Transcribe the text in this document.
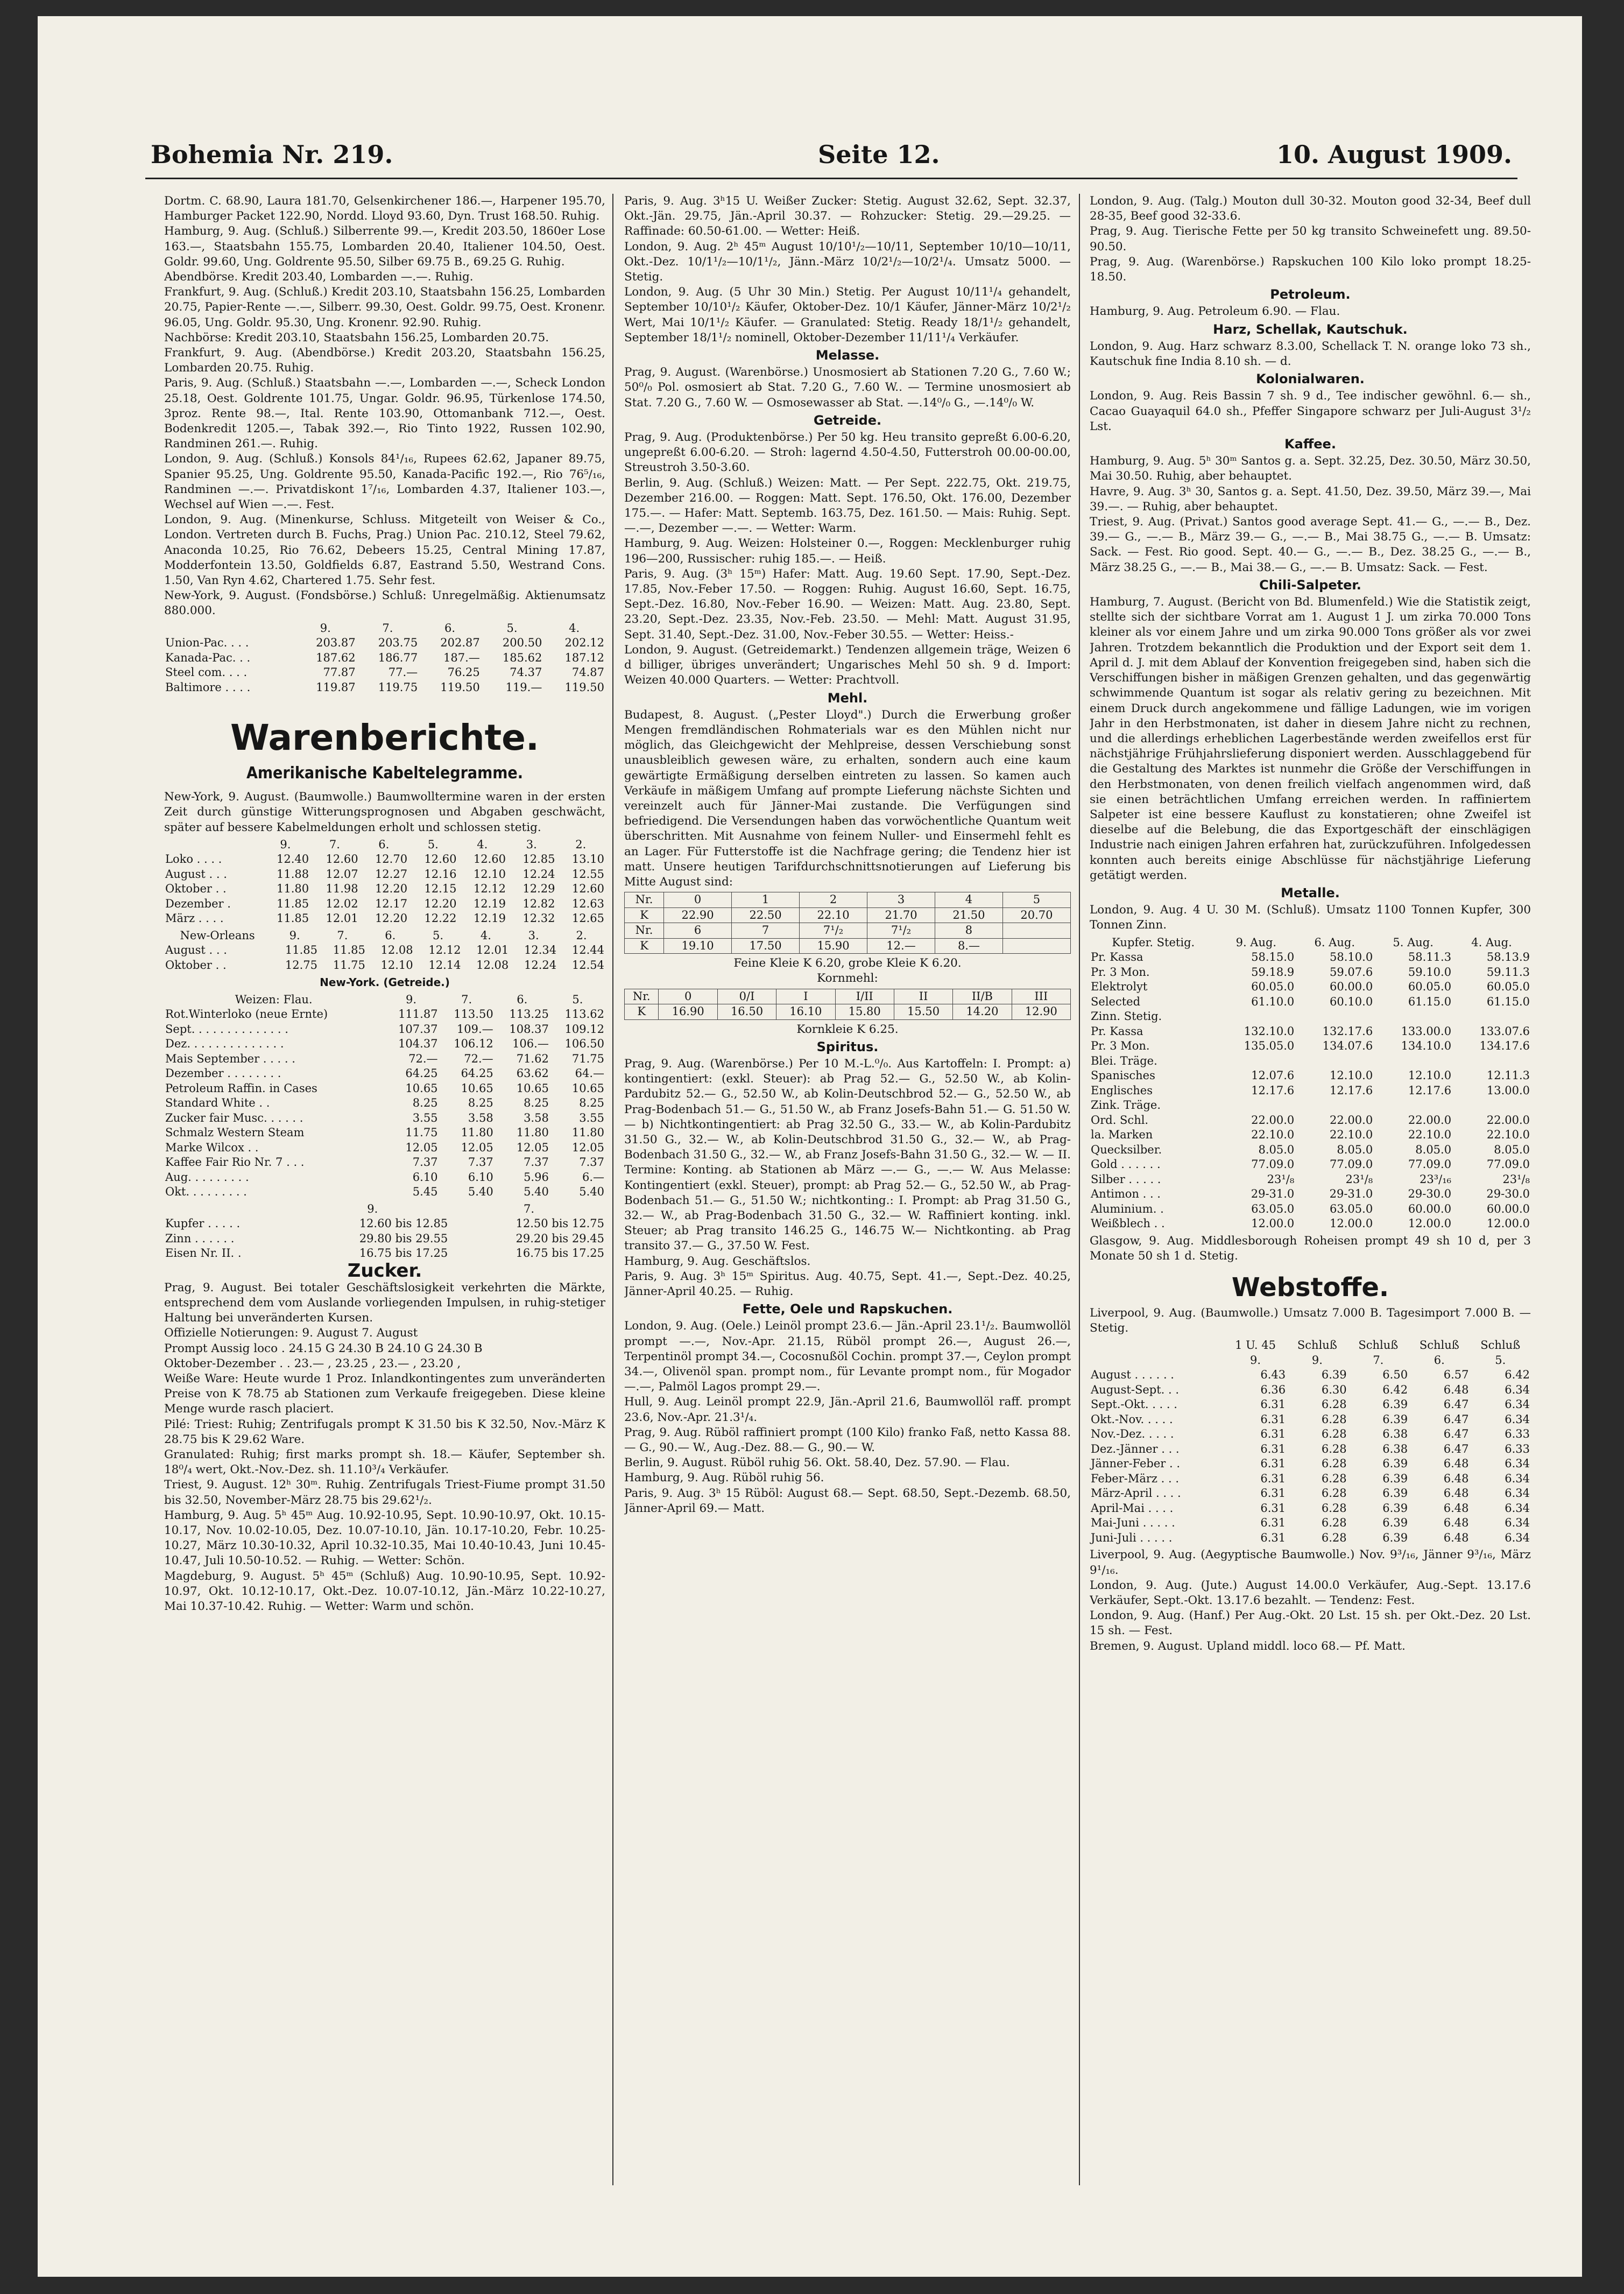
Bohemia Nr. 219.	Seite 12.	10. August 1909.

Dortm. C. 68.90, Laura 181.70, Gelsenkirchener 186.—, Harpener 195.70, Hamburger Packet 122.90, Nordd. Lloyd 93.60, Dyn. Trust 168.50. Ruhig.

Hamburg, 9. Aug. (Schluß.) Silberrente 99.—, Kredit 203.50, 1860er Lose 163.—, Staatsbahn 155.75, Lombarden 20.40, Italiener 104.50, Oest. Goldr. 99.60, Ung. Goldrente 95.50, Silber 69.75 B., 69.25 G. Ruhig.

Abendbörse. Kredit 203.40, Lombarden —.—. Ruhig.

Frankfurt, 9. Aug. (Schluß.) Kredit 203.10, Staatsbahn 156.25, Lombarden 20.75, Papier-Rente —.—, Silberr. 99.30, Oest. Goldr. 99.75, Oest. Kronenr. 96.05, Ung. Goldr. 95.30, Ung. Kronenr. 92.90. Ruhig.

Nachbörse: Kredit 203.10, Staatsbahn 156.25, Lombarden 20.75.

Frankfurt, 9. Aug. (Abendbörse.) Kredit 203.20, Staatsbahn 156.25, Lombarden 20.75. Ruhig.

Paris, 9. Aug. (Schluß.) Staatsbahn —.—, Lombarden —.—, Scheck London 25.18, Oest. Goldrente 101.75, Ungar. Goldr. 96.95, Türkenlose 174.50, 3proz. Rente 98.—, Ital. Rente 103.90, Ottomanbank 712.—, Oest. Bodenkredit 1205.—, Tabak 392.—, Rio Tinto 1922, Russen 102.90, Randminen 261.—. Ruhig.

London, 9. Aug. (Schluß.) Konsols 84¹/₁₆, Rupees 62.62, Japaner 89.75, Spanier 95.25, Ung. Goldrente 95.50, Kanada-Pacific 192.—, Rio 76⁵/₁₆, Randminen —.—. Privatdiskont 1⁷/₁₆, Lombarden 4.37, Italiener 103.—, Wechsel auf Wien —.—. Fest.

London, 9. Aug. (Minenkurse, Schluss. Mitgeteilt von Weiser & Co., London. Vertreten durch B. Fuchs, Prag.) Union Pac. 210.12, Steel 79.62, Anaconda 10.25, Rio 76.62, Debeers 15.25, Central Mining 17.87, Modderfontein 13.50, Goldfields 6.87, Eastrand 5.50, Westrand Cons. 1.50, Van Ryn 4.62, Chartered 1.75. Sehr fest.

New-York, 9. August. (Fondsbörse.) Schluß: Unregelmäßig. Aktienumsatz 880.000.

	9.	7.	6.	5.	4.
Union-Pac. . . .	203.87	203.75	202.87	200.50	202.12
Kanada-Pac. . .	187.62	186.77	187.—	185.62	187.12
Steel com. . . .	77.87	77.—	76.25	74.37	74.87
Baltimore . . . .	119.87	119.75	119.50	119.—	119.50
Warenberichte.
Amerikanische Kabeltelegramme.

New-York, 9. August. (Baumwolle.) Baumwollterminе waren in der ersten Zeit durch günstige Witterungsprognosen und Abgaben geschwächt, später auf bessere Kabelmeldungen erholt und schlossen stetig.

	9.	7.	6.	5.	4.	3.	2.
Loko . . . .	12.40	12.60	12.70	12.60	12.60	12.85	13.10
August . . .	11.88	12.07	12.27	12.16	12.10	12.24	12.55
Oktober . .	11.80	11.98	12.20	12.15	12.12	12.29	12.60
Dezember .	11.85	12.02	12.17	12.20	12.19	12.82	12.63
März . . . .	11.85	12.01	12.20	12.22	12.19	12.32	12.65
New-Orleans	9.	7.	6.	5.	4.	3.	2.
August . . .	11.85	11.85	12.08	12.12	12.01	12.34	12.44
Oktober . .	12.75	11.75	12.10	12.14	12.08	12.24	12.54
New-York. (Getreide.)
Weizen: Flau.	9.	7.	6.	5.
Rot.Winterloko (neue Ernte)	111.87	113.50	113.25	113.62
Sept. . . . . . . . . . . . . .	107.37	109.—	108.37	109.12
Dez. . . . . . . . . . . . . .	104.37	106.12	106.—	106.50
Mais September . . . . .	72.—	72.—	71.62	71.75
Dezember . . . . . . . .	64.25	64.25	63.62	64.—
Petroleum Raffin. in Cases	10.65	10.65	10.65	10.65
Standard White . .	8.25	8.25	8.25	8.25
Zucker fair Musc. . . . . .	3.55	3.58	3.58	3.55
Schmalz Western Steam	11.75	11.80	11.80	11.80
Marke Wilcox . .	12.05	12.05	12.05	12.05
Kaffee Fair Rio Nr. 7 . . .	7.37	7.37	7.37	7.37
Aug. . . . . . . . .	6.10	6.10	5.96	6.—
Okt. . . . . . . . .	5.45	5.40	5.40	5.40
	9.		7.
Kupfer . . . . .	12.60 bis 12.85		12.50 bis 12.75
Zinn . . . . . .	29.80 bis 29.55		29.20 bis 29.45
Eisen Nr. II. .	16.75 bis 17.25		16.75 bis 17.25
Zucker.

Prag, 9. August. Bei totaler Geschäftslosigkeit verkehrten die Märkte, entsprechend dem vom Auslande vorliegenden Impulsen, in ruhig-stetiger Haltung bei unveränderten Kursen.

Offizielle Notierungen: 9. August 7. August

Prompt Aussig loco . 24.15 G 24.30 B 24.10 G 24.30 B

Oktober-Dezember . . 23.— , 23.25 , 23.— , 23.20 ,

Weiße Ware: Heute wurde 1 Proz. Inlandkontingentes zum unveränderten Preise von K 78.75 ab Stationen zum Verkaufe freigegeben. Diese kleine Menge wurde rasch placiert.

Pilé: Triest: Ruhig; Zentrifugals prompt K 31.50 bis K 32.50, Nov.-März K 28.75 bis K 29.62 Ware.

Granulated: Ruhig; first marks prompt sh. 18.— Käufer, September sh. 18⁰/₄ wert, Okt.-Nov.-Dez. sh. 11.10³/₄ Verkäufer.

Triest, 9. August. 12ʰ 30ᵐ. Ruhig. Zentrifugals Triest-Fiume prompt 31.50 bis 32.50, November-März 28.75 bis 29.62¹/₂.

Hamburg, 9. Aug. 5ʰ 45ᵐ Aug. 10.92-10.95, Sept. 10.90-10.97, Okt. 10.15-10.17, Nov. 10.02-10.05, Dez. 10.07-10.10, Jän. 10.17-10.20, Febr. 10.25-10.27, März 10.30-10.32, April 10.32-10.35, Mai 10.40-10.43, Juni 10.45-10.47, Juli 10.50-10.52. — Ruhig. — Wetter: Schön.

Magdeburg, 9. August. 5ʰ 45ᵐ (Schluß) Aug. 10.90-10.95, Sept. 10.92-10.97, Okt. 10.12-10.17, Okt.-Dez. 10.07-10.12, Jän.-März 10.22-10.27, Mai 10.37-10.42. Ruhig. — Wetter: Warm und schön.

Paris, 9. Aug. 3ʰ15 U. Weißer Zucker: Stetig. August 32.62, Sept. 32.37, Okt.-Jän. 29.75, Jän.-April 30.37. — Rohzucker: Stetig. 29.—29.25. — Raffinade: 60.50-61.00. — Wetter: Heiß.

London, 9. Aug. 2ʰ 45ᵐ August 10/10¹/₂—10/11, September 10/10—10/11, Okt.-Dez. 10/1¹/₂—10/1¹/₂, Jänn.-März 10/2¹/₂—10/2¹/₄. Umsatz 5000. — Stetig.

London, 9. Aug. (5 Uhr 30 Min.) Stetig. Per August 10/11¹/₄ gehandelt, September 10/10¹/₂ Käufer, Oktober-Dez. 10/1 Käufer, Jänner-März 10/2¹/₂ Wert, Mai 10/1¹/₂ Käufer. — Granulated: Stetig. Ready 18/1¹/₂ gehandelt, September 18/1¹/₂ nominell, Oktober-Dezember 11/11¹/₄ Verkäufer.

Melasse.

Prag, 9. August. (Warenbörse.) Unosmosiert ab Stationen 7.20 G., 7.60 W.; 50⁰/₀ Pol. osmosiert ab Stat. 7.20 G., 7.60 W.. — Termine unosmosiert ab Stat. 7.20 G., 7.60 W. — Osmosewasser ab Stat. —.14⁰/₀ G., —.14⁰/₀ W.

Getreide.

Prag, 9. Aug. (Produktenbörse.) Per 50 kg. Heu transito gepreßt 6.00-6.20, ungepreßt 6.00-6.20. — Stroh: lagernd 4.50-4.50, Futterstroh 00.00-00.00, Streustroh 3.50-3.60.

Berlin, 9. Aug. (Schluß.) Weizen: Matt. — Per Sept. 222.75, Okt. 219.75, Dezember 216.00. — Roggen: Matt. Sept. 176.50, Okt. 176.00, Dezember 175.—. — Hafer: Matt. Septemb. 163.75, Dez. 161.50. — Mais: Ruhig. Sept. —.—, Dezember —.—. — Wetter: Warm.

Hamburg, 9. Aug. Weizen: Holsteiner 0.—, Roggen: Mecklenburger ruhig 196—200, Russischer: ruhig 185.—. — Heiß.

Paris, 9. Aug. (3ʰ 15ᵐ) Hafer: Matt. Aug. 19.60 Sept. 17.90, Sept.-Dez. 17.85, Nov.-Feber 17.50. — Roggen: Ruhig. August 16.60, Sept. 16.75, Sept.-Dez. 16.80, Nov.-Feber 16.90. — Weizen: Matt. Aug. 23.80, Sept. 23.20, Sept.-Dez. 23.35, Nov.-Feb. 23.50. — Mehl: Matt. August 31.95, Sept. 31.40, Sept.-Dez. 31.00, Nov.-Feber 30.55. — Wetter: Heiss.-

London, 9. August. (Getreidemarkt.) Tendenzen allgemein träge, Weizen 6 d billiger, übriges unverändert; Ungarisches Mehl 50 sh. 9 d. Import: Weizen 40.000 Quarters. — Wetter: Prachtvoll.

Mehl.

Budapest, 8. August. („Pester Lloyd".) Durch die Erwerbung großer Mengen fremdländischen Rohmaterials war es den Mühlen nicht nur möglich, das Gleichgewicht der Mehlpreise, dessen Verschiebung sonst unausbleiblich gewesen wäre, zu erhalten, sondern auch eine kaum gewärtigte Ermäßigung derselben eintreten zu lassen. So kamen auch Verkäufe in mäßigem Umfang auf prompte Lieferung nächste Sichten und vereinzelt auch für Jänner-Mai zustande. Die Verfügungen sind befriedigend. Die Versendungen haben das vorwöchentliche Quantum weit überschritten. Mit Ausnahme von feinem Nuller- und Einsermehl fehlt es an Lager. Für Futterstoffe ist die Nachfrage gering; die Tendenz hier ist matt. Unsere heutigen Tarifdurchschnittsnotierungen auf Lieferung bis Mitte August sind:

Nr.	0	1	2	3	4	5
K	22.90	22.50	22.10	21.70	21.50	20.70
Nr.	6	7	7¹/₂	7¹/₂	8	
K	19.10	17.50	15.90	12.—	8.—	
Feine Kleie K 6.20, grobe Kleie K 6.20.
Kornmehl:
Nr.	0	0/I	I	I/II	II	II/B	III
K	16.90	16.50	16.10	15.80	15.50	14.20	12.90
Kornkleie K 6.25.
Spiritus.

Prag, 9. Aug. (Warenbörse.) Per 10 M.-L.⁰/₀. Aus Kartoffeln: I. Prompt: a) kontingentiert: (exkl. Steuer): ab Prag 52.— G., 52.50 W., ab Kolin-Pardubitz 52.— G., 52.50 W., ab Kolin-Deutschbrod 52.— G., 52.50 W., ab Prag-Bodenbach 51.— G., 51.50 W., ab Franz Josefs-Bahn 51.— G. 51.50 W. — b) Nichtkontingentiert: ab Prag 32.50 G., 33.— W., ab Kolin-Pardubitz 31.50 G., 32.— W., ab Kolin-Deutschbrod 31.50 G., 32.— W., ab Prag-Bodenbach 31.50 G., 32.— W., ab Franz Josefs-Bahn 31.50 G., 32.— W. — II. Termine: Konting. ab Stationen ab März —.— G., —.— W. Aus Melasse: Kontingentiert (exkl. Steuer), prompt: ab Prag 52.— G., 52.50 W., ab Prag-Bodenbach 51.— G., 51.50 W.; nichtkonting.: I. Prompt: ab Prag 31.50 G., 32.— W., ab Prag-Bodenbach 31.50 G., 32.— W. Raffiniert konting. inkl. Steuer; ab Prag transito 146.25 G., 146.75 W.— Nichtkonting. ab Prag transito 37.— G., 37.50 W. Fest.

Hamburg, 9. Aug. Geschäftslos.

Paris, 9. Aug. 3ʰ 15ᵐ Spiritus. Aug. 40.75, Sept. 41.—, Sept.-Dez. 40.25, Jänner-April 40.25. — Ruhig.

Fette, Oele und Rapskuchen.

London, 9. Aug. (Oele.) Leinöl prompt 23.6.— Jän.-April 23.1¹/₂. Baumwollöl prompt —.—, Nov.-Apr. 21.15, Rüböl prompt 26.—, August 26.—, Terpentinöl prompt 34.—, Cocosnußöl Cochin. prompt 37.—, Ceylon prompt 34.—, Olivenöl span. prompt nom., für Levante prompt nom., für Mogador —.—, Palmöl Lagos prompt 29.—.

Hull, 9. Aug. Leinöl prompt 22.9, Jän.-April 21.6, Baumwollöl raff. prompt 23.6, Nov.-Apr. 21.3¹/₄.

Prag, 9. Aug. Rüböl raffiniert prompt (100 Kilo) franko Faß, netto Kassa 88.— G., 90.— W., Aug.-Dez. 88.— G., 90.— W.

Berlin, 9. August. Rüböl ruhig 56. Okt. 58.40, Dez. 57.90. — Flau.

Hamburg, 9. Aug. Rüböl ruhig 56.

Paris, 9. Aug. 3ʰ 15 Rüböl: August 68.— Sept. 68.50, Sept.-Dezemb. 68.50, Jänner-April 69.— Matt.

London, 9. Aug. (Talg.) Mouton dull 30-32. Mouton good 32-34, Beef dull 28-35, Beef good 32-33.6.

Prag, 9. Aug. Tierische Fette per 50 kg transito Schweinefett ung. 89.50-90.50.

Prag, 9. Aug. (Warenbörse.) Rapskuchen 100 Kilo loko prompt 18.25-18.50.

Petroleum.

Hamburg, 9. Aug. Petroleum 6.90. — Flau.

Harz, Schellak, Kautschuk.

London, 9. Aug. Harz schwarz 8.3.00, Schellack T. N. orange loko 73 sh., Kautschuk fine India 8.10 sh. — d.

Kolonialwaren.

London, 9. Aug. Reis Bassin 7 sh. 9 d., Tee indischer gewöhnl. 6.— sh., Cacao Guayaquil 64.0 sh., Pfeffer Singapore schwarz per Juli-August 3¹/₂ Lst.

Kaffee.

Hamburg, 9. Aug. 5ʰ 30ᵐ Santos g. a. Sept. 32.25, Dez. 30.50, März 30.50, Mai 30.50. Ruhig, aber behauptet.

Havre, 9. Aug. 3ʰ 30, Santos g. a. Sept. 41.50, Dez. 39.50, März 39.—, Mai 39.—. — Ruhig, aber behauptet.

Triest, 9. Aug. (Privat.) Santos good average Sept. 41.— G., —.— B., Dez. 39.— G., —.— B., März 39.— G., —.— B., Mai 38.75 G., —.— B. Umsatz: Sack. — Fest. Rio good. Sept. 40.— G., —.— B., Dez. 38.25 G., —.— B., März 38.25 G., —.— B., Mai 38.— G., —.— B. Umsatz: Sack. — Fest.

Chili-Salpeter.

Hamburg, 7. August. (Bericht von Bd. Blumenfeld.) Wie die Statistik zeigt, stellte sich der sichtbare Vorrat am 1. August 1 J. um zirka 70.000 Tons kleiner als vor einem Jahre und um zirka 90.000 Tons größer als vor zwei Jahren. Trotzdem bekanntlich die Produktion und der Export seit dem 1. April d. J. mit dem Ablauf der Konvention freigegeben sind, haben sich die Verschiffungen bisher in mäßigen Grenzen gehalten, und das gegenwärtig schwimmende Quantum ist sogar als relativ gering zu bezeichnen. Mit einem Druck durch angekommene und fällige Ladungen, wie im vorigen Jahr in den Herbstmonaten, ist daher in diesem Jahre nicht zu rechnen, und die allerdings erheblichen Lagerbestände werden zweifellos erst für nächstjährige Frühjahrslieferung disponiert werden. Ausschlaggebend für die Gestaltung des Marktes ist nunmehr die Größe der Verschiffungen in den Herbstmonaten, von denen freilich vielfach angenommen wird, daß sie einen beträchtlichen Umfang erreichen werden. In raffiniertem Salpeter ist eine bessere Kauflust zu konstatieren; ohne Zweifel ist dieselbe auf die Belebung, die das Exportgeschäft der einschlägigen Industrie nach einigen Jahren erfahren hat, zurückzuführen. Infolgedessen konnten auch bereits einige Abschlüsse für nächstjährige Lieferung getätigt werden.

Metalle.

London, 9. Aug. 4 U. 30 M. (Schluß). Umsatz 1100 Tonnen Kupfer, 300 Tonnen Zinn.

Kupfer. Stetig.	9. Aug.	6. Aug.	5. Aug.	4. Aug.
Pr. Kassa	58.15.0	58.10.0	58.11.3	58.13.9
Pr. 3 Mon.	59.18.9	59.07.6	59.10.0	59.11.3
Elektrolyt	60.05.0	60.00.0	60.05.0	60.05.0
Selected	61.10.0	60.10.0	61.15.0	61.15.0
Zinn. Stetig.				
Pr. Kassa	132.10.0	132.17.6	133.00.0	133.07.6
Pr. 3 Mon.	135.05.0	134.07.6	134.10.0	134.17.6
Blei. Träge.				
Spanisches	12.07.6	12.10.0	12.10.0	12.11.3
Englisches	12.17.6	12.17.6	12.17.6	13.00.0
Zink. Träge.				
Ord. Schl.	22.00.0	22.00.0	22.00.0	22.00.0
la. Marken	22.10.0	22.10.0	22.10.0	22.10.0
Quecksilber.	8.05.0	8.05.0	8.05.0	8.05.0
Gold . . . . . .	77.09.0	77.09.0	77.09.0	77.09.0
Silber . . . . .	23¹/₈	23¹/₈	23³/₁₆	23¹/₈
Antimon . . .	29-31.0	29-31.0	29-30.0	29-30.0
Aluminium. .	63.05.0	63.05.0	60.00.0	60.00.0
Weißblech . .	12.00.0	12.00.0	12.00.0	12.00.0

Glasgow, 9. Aug. Middlesborough Roheisen prompt 49 sh 10 d, per 3 Monate 50 sh 1 d. Stetig.

Webstoffe.

Liverpool, 9. Aug. (Baumwolle.) Umsatz 7.000 B. Tagesimport 7.000 B. — Stetig.

	1 U. 45	Schluß	Schluß	Schluß	Schluß
	9.	9.	7.	6.	5.
August . . . . . .	6.43	6.39	6.50	6.57	6.42
August-Sept. . .	6.36	6.30	6.42	6.48	6.34
Sept.-Okt. . . . .	6.31	6.28	6.39	6.47	6.34
Okt.-Nov. . . . .	6.31	6.28	6.39	6.47	6.34
Nov.-Dez. . . . .	6.31	6.28	6.38	6.47	6.33
Dez.-Jänner . . .	6.31	6.28	6.38	6.47	6.33
Jänner-Feber . .	6.31	6.28	6.39	6.48	6.34
Feber-März . . .	6.31	6.28	6.39	6.48	6.34
März-April . . . .	6.31	6.28	6.39	6.48	6.34
April-Mai . . . .	6.31	6.28	6.39	6.48	6.34
Mai-Juni . . . . .	6.31	6.28	6.39	6.48	6.34
Juni-Juli . . . . .	6.31	6.28	6.39	6.48	6.34

Liverpool, 9. Aug. (Aegyptische Baumwolle.) Nov. 9³/₁₆, Jänner 9³/₁₆, März 9¹/₁₆.

London, 9. Aug. (Jute.) August 14.00.0 Verkäufer, Aug.-Sept. 13.17.6 Verkäufer, Sept.-Okt. 13.17.6 bezahlt. — Tendenz: Fest.

London, 9. Aug. (Hanf.) Per Aug.-Okt. 20 Lst. 15 sh. per Okt.-Dez. 20 Lst. 15 sh. — Fest.

Bremen, 9. August. Upland middl. loco 68.— Pf. Matt.
